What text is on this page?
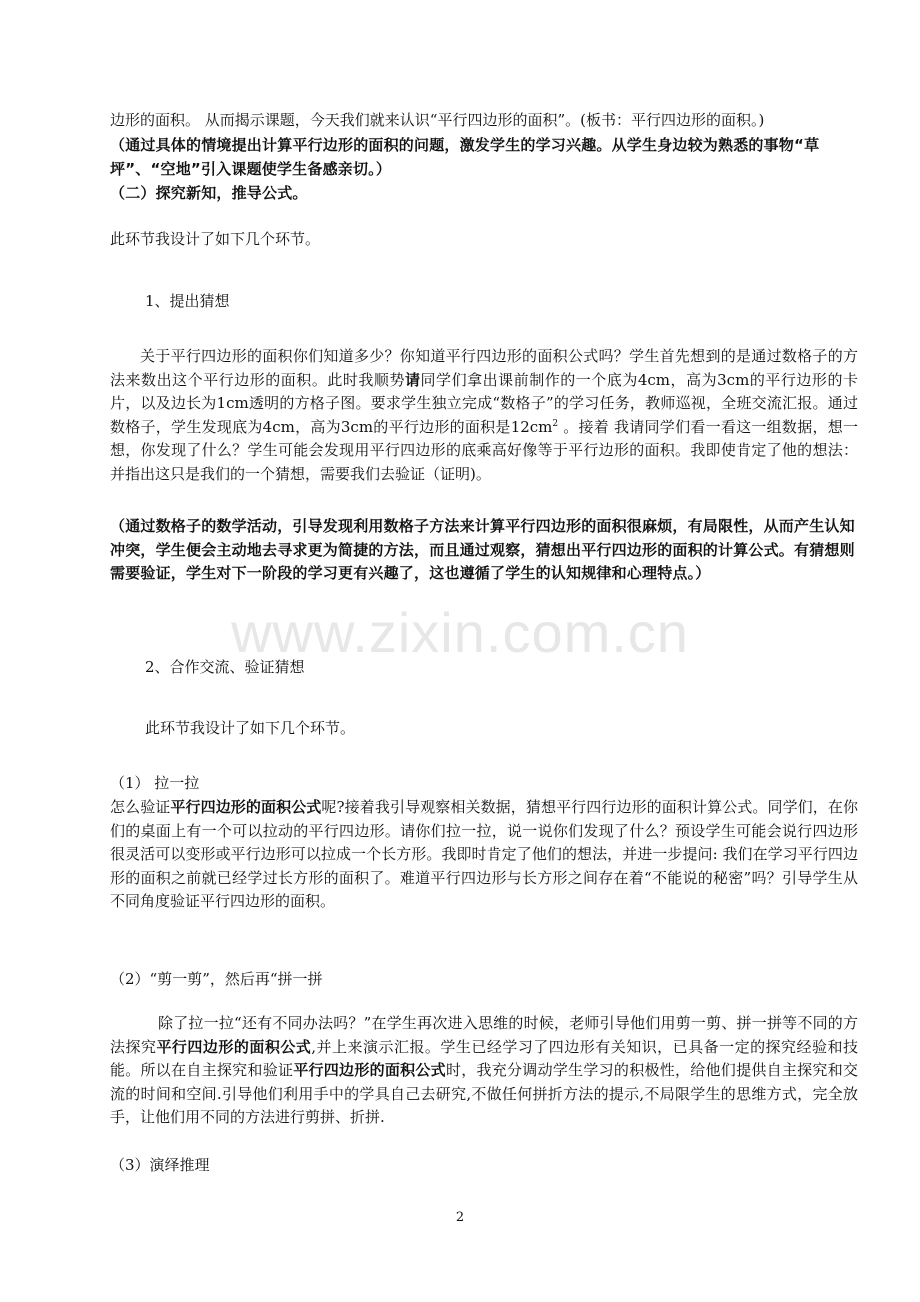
www.zixin.com.cn

边形的面积。 从而揭示课题，今天我们就来认识“平行四边形的面积”。(板书：平行四边形的面积。)

（通过具体的情境提出计算平行边形的面积的问题，激发学生的学习兴趣。从学生身边较为熟悉的事物“草坪”、“空地”引入课题使学生备感亲切。）

（二）探究新知，推导公式。

此环节我设计了如下几个环节。

1、提出猜想

关于平行四边形的面积你们知道多少？你知道平行四边形的面积公式吗？学生首先想到的是通过数格子的方法来数出这个平行边形的面积。此时我顺势请同学们拿出课前制作的一个底为4cm，高为3cm的平行边形的卡片，以及边长为1cm透明的方格子图。要求学生独立完成“数格子”的学习任务，教师巡视，全班交流汇报。通过数格子，学生发现底为4cm，高为3cm的平行边形的面积是$12cm^2$ 。接着 我请同学们看一看这一组数据，想一想，你发现了什么？学生可能会发现用平行四边形的底乘高好像等于平行边形的面积。我即使肯定了他的想法：并指出这只是我们的一个猜想，需要我们去验证（证明)。

（通过数格子的数学活动，引导发现利用数格子方法来计算平行四边形的面积很麻烦，有局限性，从而产生认知冲突，学生便会主动地去寻求更为简捷的方法，而且通过观察，猜想出平行四边形的面积的计算公式。有猜想则需要验证，学生对下一阶段的学习更有兴趣了，这也遵循了学生的认知规律和心理特点。）

2、合作交流、验证猜想

此环节我设计了如下几个环节。

（1） 拉一拉

怎么验证平行四边形的面积公式呢?接着我引导观察相关数据，猜想平行四行边形的面积计算公式。同学们，在你们的桌面上有一个可以拉动的平行四边形。请你们拉一拉，说一说你们发现了什么？预设学生可能会说行四边形很灵活可以变形或平行边形可以拉成一个长方形。我即时肯定了他们的想法，并进一步提问: 我们在学习平行四边形的面积之前就已经学过长方形的面积了。难道平行四边形与长方形之间存在着“不能说的秘密”吗？引导学生从不同角度验证平行四边形的面积。

（2）“剪一剪”，然后再“拼一拼

除了拉一拉“还有不同办法吗？”在学生再次进入思维的时候，老师引导他们用剪一剪、拼一拼等不同的方法探究平行四边形的面积公式,并上来演示汇报。学生已经学习了四边形有关知识，已具备一定的探究经验和技能。所以在自主探究和验证平行四边形的面积公式时，我充分调动学生学习的积极性，给他们提供自主探究和交流的时间和空间.引导他们利用手中的学具自己去研究,不做任何拼折方法的提示,不局限学生的思维方式，完全放手，让他们用不同的方法进行剪拼、折拼.

（3）演绎推理

2
